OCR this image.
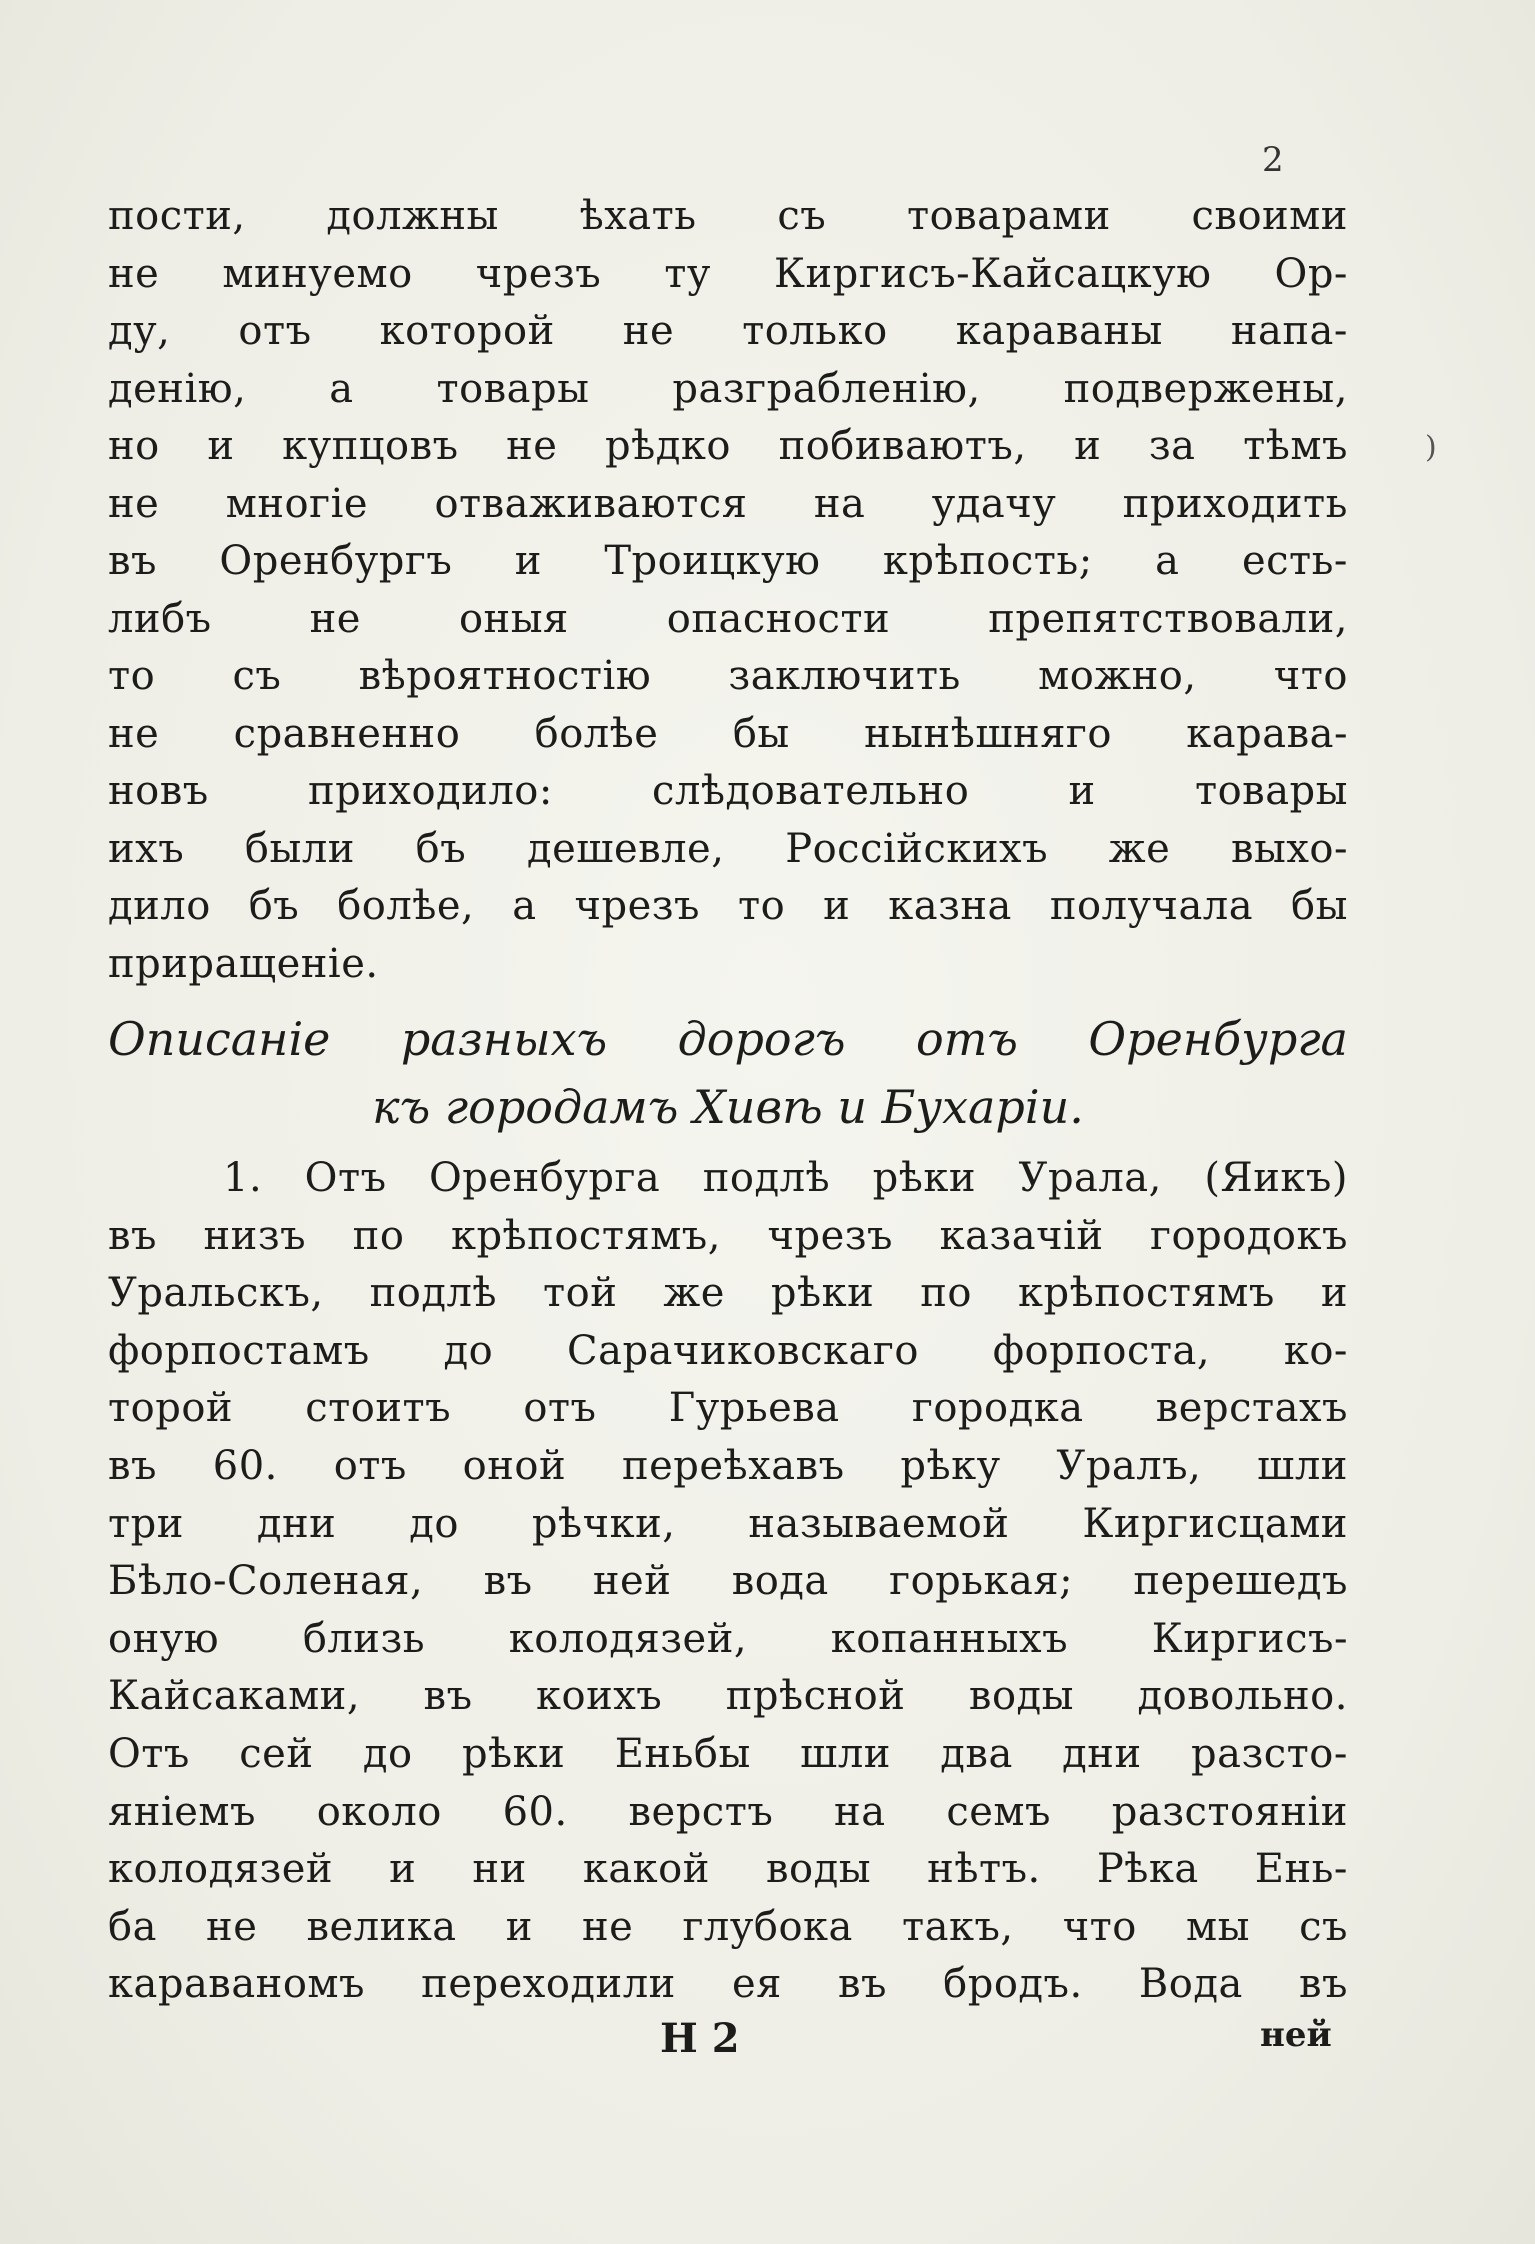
2
)
пости, должны ѣхать съ товарами своими
не минуемо чрезъ ту Киргисъ-Кайсацкую Ор-
ду, отъ которой не только караваны напа-
денію, а товары разграбленію, подвержены,
но и купцовъ не рѣдко побиваютъ, и за тѣмъ
не многіе отваживаются на удачу приходить
въ Оренбургъ и Троицкую крѣпость; а есть-
либъ не оныя опасности препятствовали,
то съ вѣроятностію заключить можно, что
не сравненно болѣе бы нынѣшняго карава-
новъ приходило: слѣдовательно и товары
ихъ были бъ дешевле, Россійскихъ же выхо-
дило бъ болѣе, а чрезъ то и казна получала бы
приращеніе.
Описаніе разныхъ дорогъ отъ Оренбурга
къ городамъ Хивѣ и Бухаріи.
1. Отъ Оренбурга подлѣ рѣки Урала, (Яикъ)
въ низъ по крѣпостямъ, чрезъ казачій городокъ
Уральскъ, подлѣ той же рѣки по крѣпостямъ и
форпостамъ до Сарачиковскаго форпоста, ко-
торой стоитъ отъ Гурьева городка верстахъ
въ 60. отъ оной переѣхавъ рѣку Уралъ, шли
три дни до рѣчки, называемой Киргисцами
Бѣло-Соленая, въ ней вода горькая; перешедъ
оную близь колодязей, копанныхъ Киргисъ-
Кайсаками, въ коихъ прѣсной воды довольно.
Отъ сей до рѣки Еньбы шли два дни разсто-
яніемъ около 60. верстъ на семъ разстояніи
колодязей и ни какой воды нѣтъ. Рѣка Ень-
ба не велика и не глубока такъ, что мы съ
караваномъ переходили ея въ бродъ. Вода въ
Н 2	ней
